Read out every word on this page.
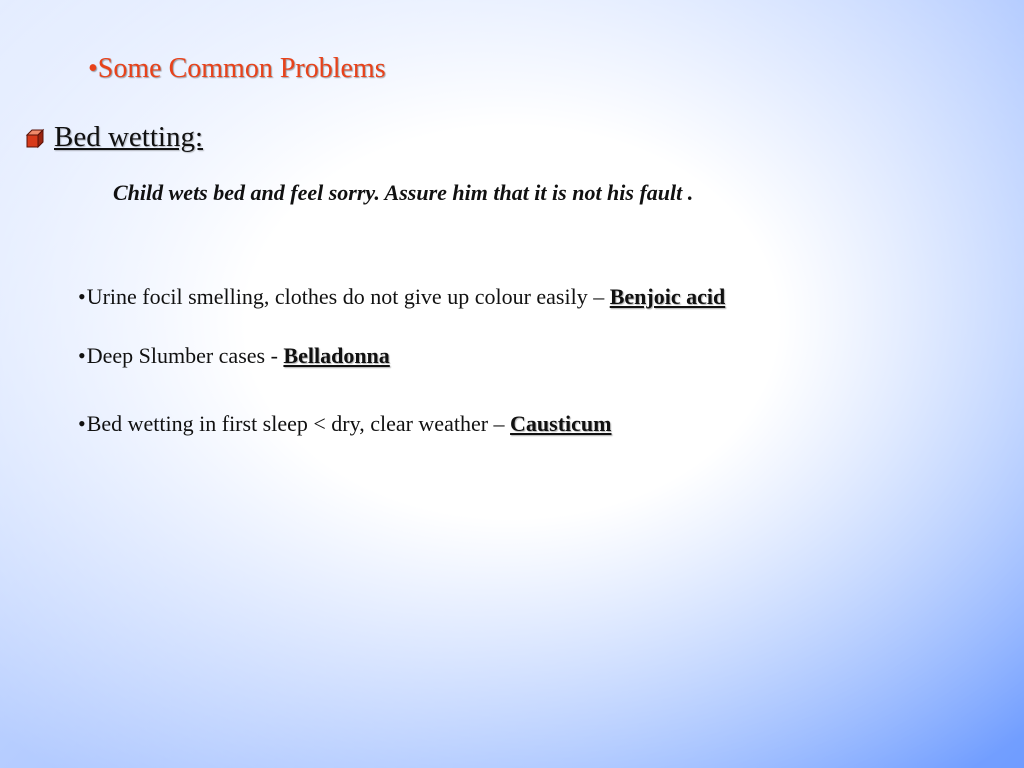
•Some Common Problems
Bed wetting:
Child wets bed and feel sorry. Assure him that it is not his fault .
•Urine focil smelling, clothes do not give up colour easily – Benjoic acid
•Deep Slumber cases - Belladonna
•Bed wetting in first sleep < dry, clear weather – Causticum
